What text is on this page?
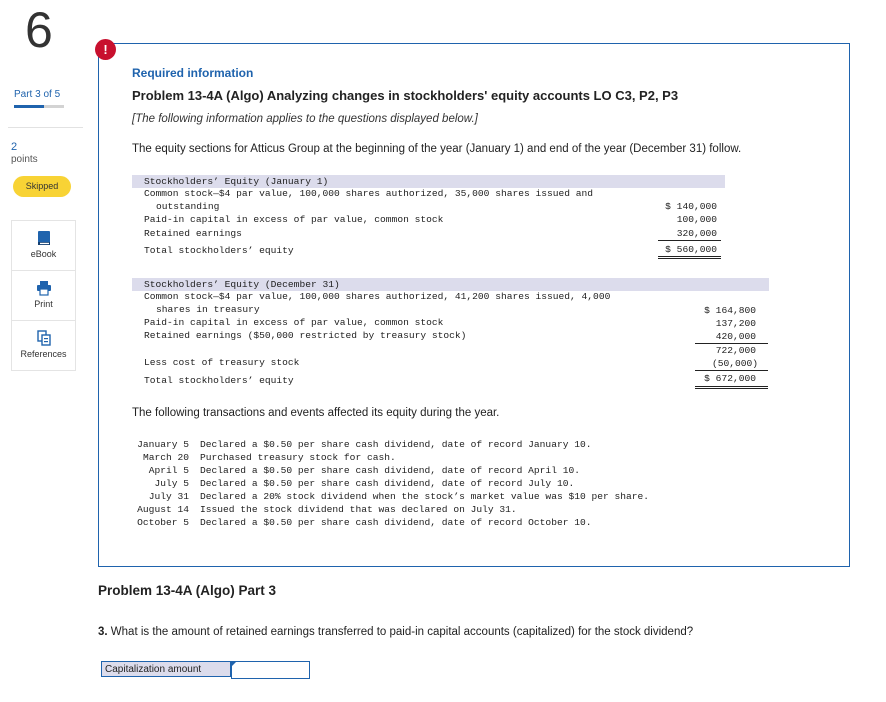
6
Part 3 of 5
2
points
Skipped
eBook
Print
References
!
Required information
Problem 13-4A (Algo) Analyzing changes in stockholders' equity accounts LO C3, P2, P3
[The following information applies to the questions displayed below.]
The equity sections for Atticus Group at the beginning of the year (January 1) and end of the year (December 31) follow.
Stockholders’ Equity (January 1)
Common stock—$4 par value, 100,000 shares authorized, 35,000 shares issued and
outstanding	$ 140,000
Paid-in capital in excess of par value, common stock	100,000
Retained earnings	320,000
Total stockholders’ equity	$ 560,000
Stockholders’ Equity (December 31)
Common stock—$4 par value, 100,000 shares authorized, 41,200 shares issued, 4,000
shares in treasury	$ 164,800
Paid-in capital in excess of par value, common stock	137,200
Retained earnings ($50,000 restricted by treasury stock)	420,000
722,000
Less cost of treasury stock	(50,000)
Total stockholders’ equity	$ 672,000
The following transactions and events affected its equity during the year.
January 5 Declared a $0.50 per share cash dividend, date of record January 10.
March 20 Purchased treasury stock for cash.
April 5 Declared a $0.50 per share cash dividend, date of record April 10.
July 5 Declared a $0.50 per share cash dividend, date of record July 10.
July 31 Declared a 20% stock dividend when the stock’s market value was $10 per share.
August 14 Issued the stock dividend that was declared on July 31.
October 5 Declared a $0.50 per share cash dividend, date of record October 10.
Problem 13-4A (Algo) Part 3
3. What is the amount of retained earnings transferred to paid-in capital accounts (capitalized) for the stock dividend?
Capitalization amount
